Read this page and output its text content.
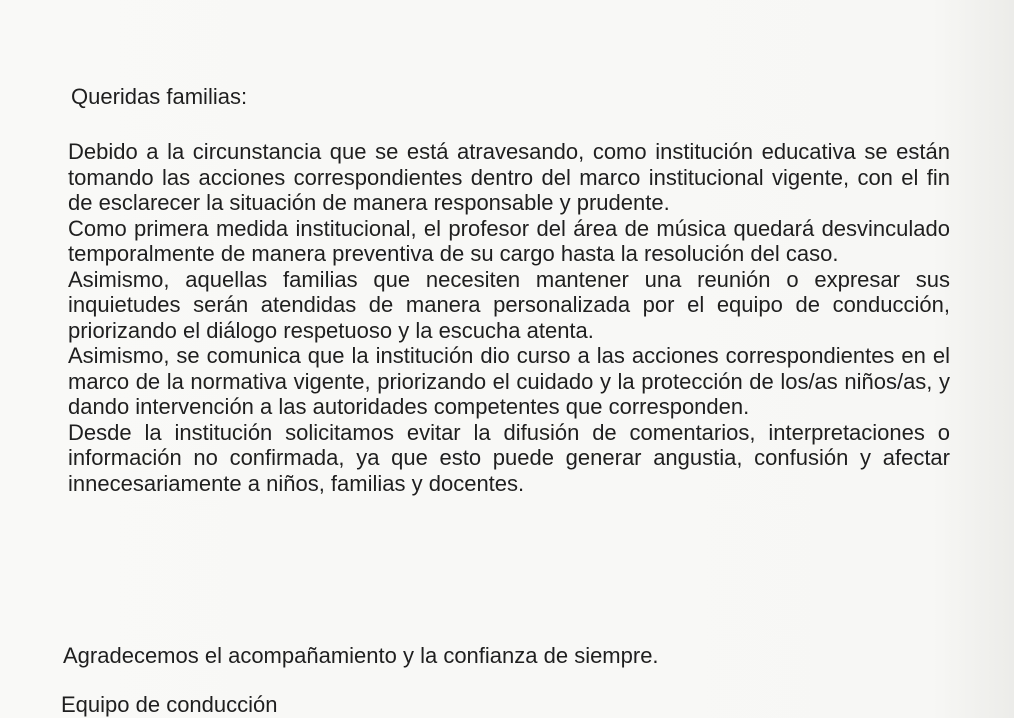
Queridas familias:

Debido a la circunstancia que se está atravesando, como institución educativa se están tomando las acciones correspondientes dentro del marco institucional vigente, con el fin de esclarecer la situación de manera responsable y prudente.

Como primera medida institucional, el profesor del área de música quedará desvinculado temporalmente de manera preventiva de su cargo hasta la resolución del caso.

Asimismo, aquellas familias que necesiten mantener una reunión o expresar sus inquietudes serán atendidas de manera personalizada por el equipo de conducción, priorizando el diálogo respetuoso y la escucha atenta.

Asimismo, se comunica que la institución dio curso a las acciones correspondientes en el marco de la normativa vigente, priorizando el cuidado y la protección de los/as niños/as, y dando intervención a las autoridades competentes que corresponden.

Desde la institución solicitamos evitar la difusión de comentarios, interpretaciones o información no confirmada, ya que esto puede generar angustia, confusión y afectar innecesariamente a niños, familias y docentes.

Agradecemos el acompañamiento y la confianza de siempre.
Equipo de conducción
